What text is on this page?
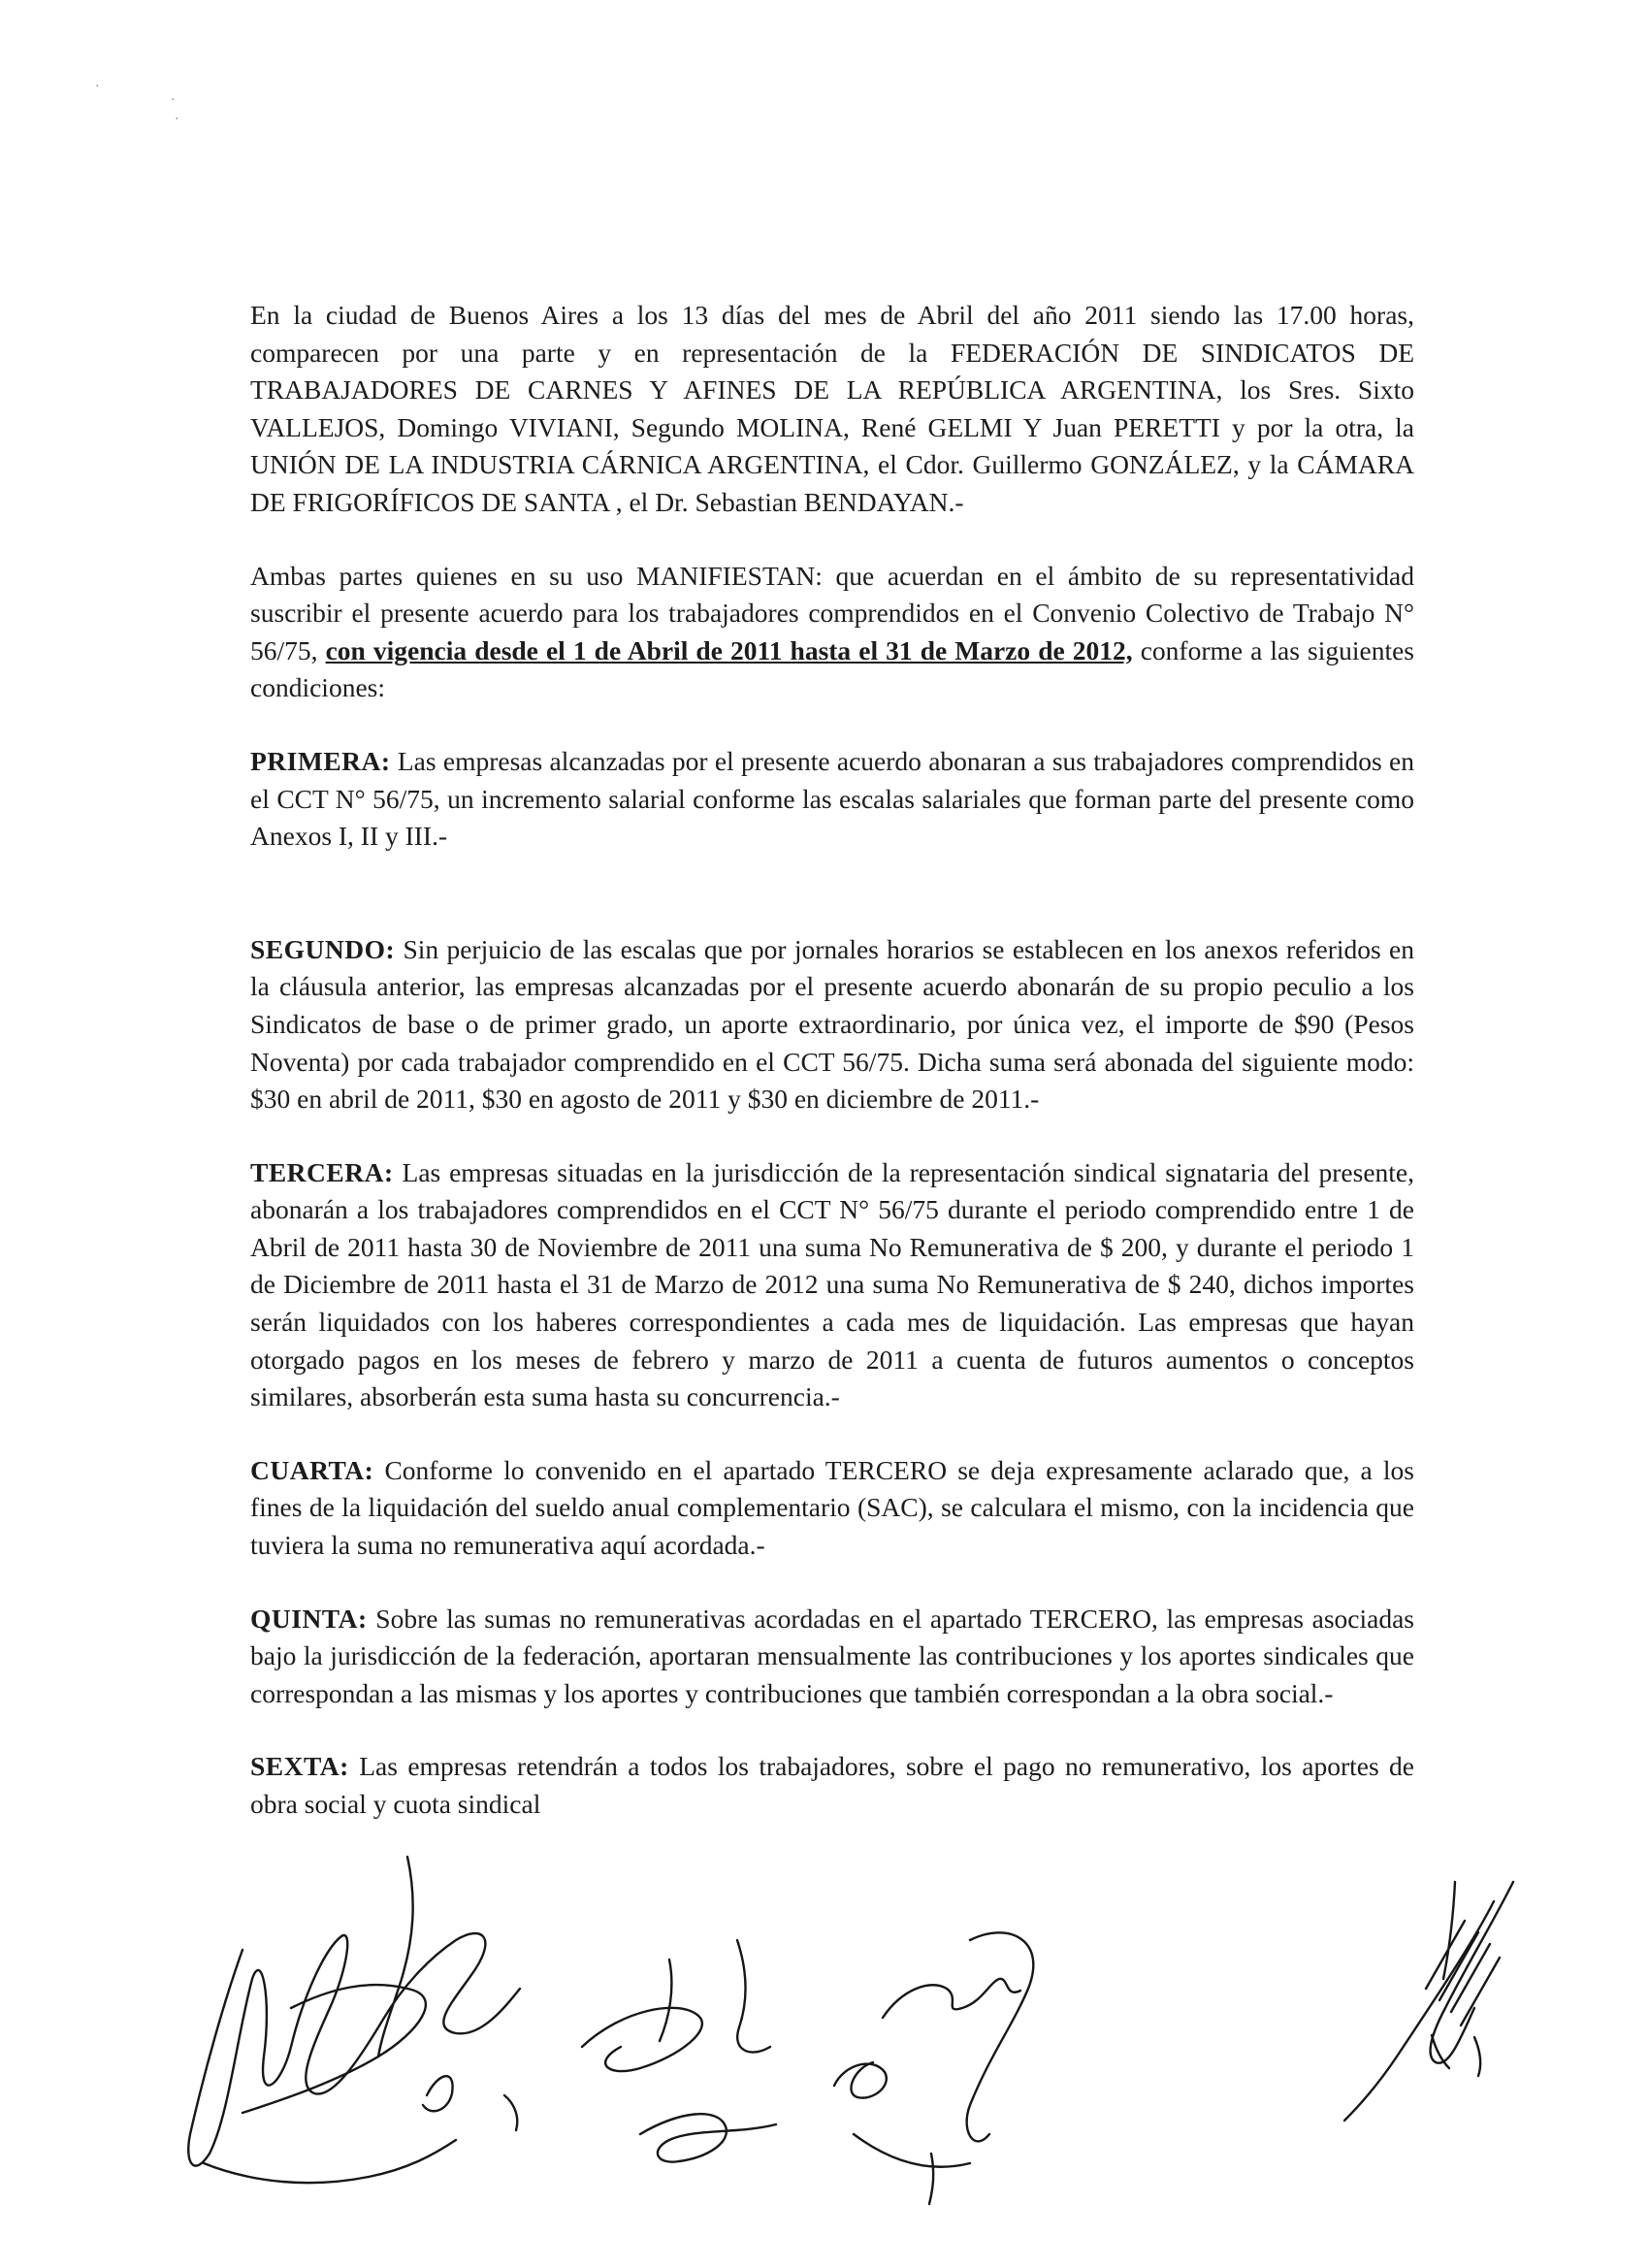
·
·
·

En la ciudad de Buenos Aires a los 13 días del mes de Abril del año 2011 siendo las 17.00 horas, comparecen por una parte y en representación de la FEDERACIÓN DE SINDICATOS DE TRABAJADORES DE CARNES Y AFINES DE LA REPÚBLICA ARGENTINA, los Sres. Sixto VALLEJOS, Domingo VIVIANI, Segundo MOLINA, René GELMI Y Juan PERETTI y por la otra, la UNIÓN DE LA INDUSTRIA CÁRNICA ARGENTINA, el Cdor. Guillermo GONZÁLEZ, y la CÁMARA DE FRIGORÍFICOS DE SANTA , el Dr. Sebastian BENDAYAN.-

Ambas partes quienes en su uso MANIFIESTAN: que acuerdan en el ámbito de su representatividad suscribir el presente acuerdo para los trabajadores comprendidos en el Convenio Colectivo de Trabajo N° 56/75, con vigencia desde el 1 de Abril de 2011 hasta el 31 de Marzo de 2012, conforme a las siguientes condiciones:

PRIMERA: Las empresas alcanzadas por el presente acuerdo abonaran a sus trabajadores comprendidos en el CCT N° 56/75, un incremento salarial conforme las escalas salariales que forman parte del presente como Anexos I, II y III.-

SEGUNDO: Sin perjuicio de las escalas que por jornales horarios se establecen en los anexos referidos en la cláusula anterior, las empresas alcanzadas por el presente acuerdo abonarán de su propio peculio a los Sindicatos de base o de primer grado, un aporte extraordinario, por única vez, el importe de $90 (Pesos Noventa) por cada trabajador comprendido en el CCT 56/75. Dicha suma será abonada del siguiente modo: $30 en abril de 2011, $30 en agosto de 2011 y $30 en diciembre de 2011.-

TERCERA: Las empresas situadas en la jurisdicción de la representación sindical signataria del presente, abonarán a los trabajadores comprendidos en el CCT N° 56/75 durante el periodo comprendido entre 1 de Abril de 2011 hasta 30 de Noviembre de 2011 una suma No Remunerativa de $ 200, y durante el periodo 1 de Diciembre de 2011 hasta el 31 de Marzo de 2012 una suma No Remunerativa de $ 240, dichos importes serán liquidados con los haberes correspondientes a cada mes de liquidación. Las empresas que hayan otorgado pagos en los meses de febrero y marzo de 2011 a cuenta de futuros aumentos o conceptos similares, absorberán esta suma hasta su concurrencia.-

CUARTA: Conforme lo convenido en el apartado TERCERO se deja expresamente aclarado que, a los fines de la liquidación del sueldo anual complementario (SAC), se calculara el mismo, con la incidencia que tuviera la suma no remunerativa aquí acordada.-

QUINTA: Sobre las sumas no remunerativas acordadas en el apartado TERCERO, las empresas asociadas bajo la jurisdicción de la federación, aportaran mensualmente las contribuciones y los aportes sindicales que correspondan a las mismas y los aportes y contribuciones que también correspondan a la obra social.-

SEXTA: Las empresas retendrán a todos los trabajadores, sobre el pago no remunerativo, los aportes de obra social y cuota sindical
